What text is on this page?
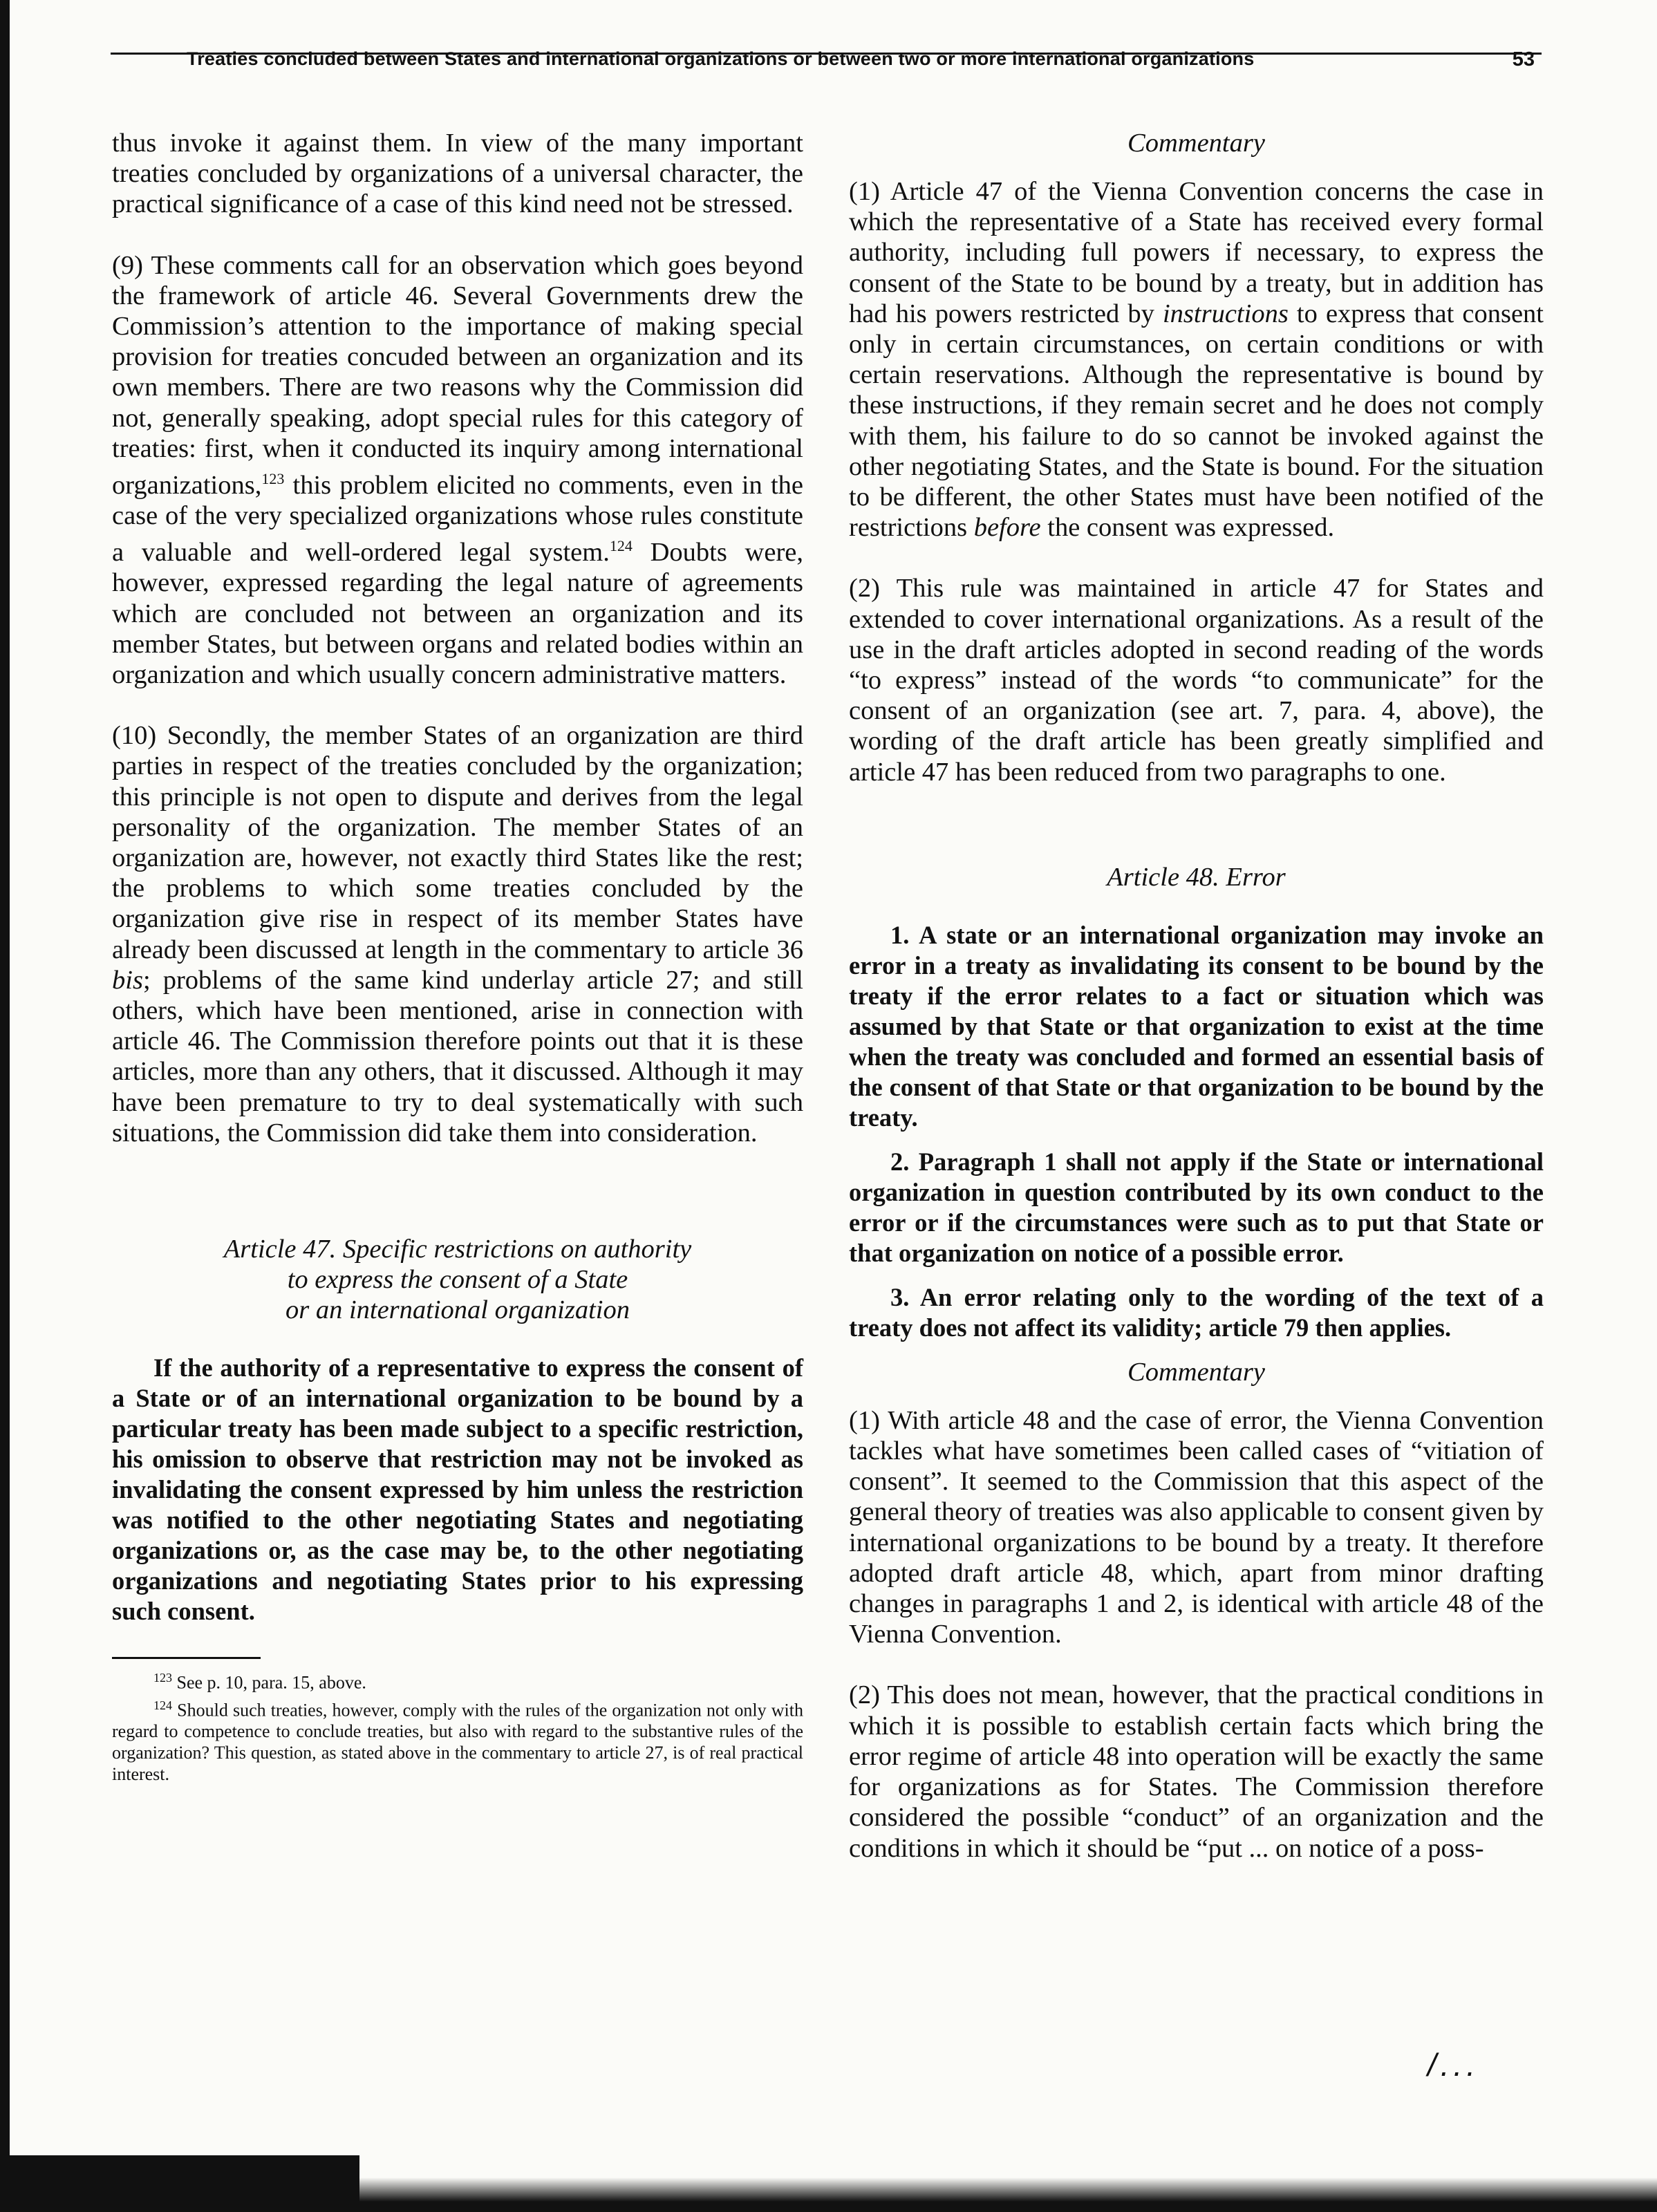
Treaties concluded between States and international organizations or between two or more international organizations	53

thus invoke it against them. In view of the many important treaties concluded by organizations of a universal character, the practical significance of a case of this kind need not be stressed.

(9) These comments call for an observation which goes beyond the framework of article 46. Several Governments drew the Commission’s attention to the importance of making special provision for treaties concuded between an organization and its own members. There are two reasons why the Commission did not, generally speaking, adopt special rules for this category of treaties: first, when it conducted its inquiry among international organizations,$^{123}$ this problem elicited no comments, even in the case of the very specialized organizations whose rules constitute a valuable and well-ordered legal system.$^{124}$ Doubts were, however, expressed regarding the legal nature of agreements which are concluded not between an organization and its member States, but between organs and related bodies within an organization and which usually concern administrative matters.

(10) Secondly, the member States of an organization are third parties in respect of the treaties concluded by the organization; this principle is not open to dispute and derives from the legal personality of the organization. The member States of an organization are, however, not exactly third States like the rest; the problems to which some treaties concluded by the organization give rise in respect of its member States have already been discussed at length in the commentary to article 36 bis; problems of the same kind underlay article 27; and still others, which have been mentioned, arise in connection with article 46. The Commission therefore points out that it is these articles, more than any others, that it discussed. Although it may have been premature to try to deal systematically with such situations, the Commission did take them into consideration.

Article 47. Specific restrictions on authority
to express the consent of a State
or an international organization

If the authority of a representative to express the consent of a State or of an international organization to be bound by a particular treaty has been made subject to a specific restriction, his omission to observe that restriction may not be invoked as invalidating the consent expressed by him unless the restriction was notified to the other negotiating States and negotiating organizations or, as the case may be, to the other negotiating organizations and negotiating States prior to his expressing such consent.

$^{123}$ See p. 10, para. 15, above.
$^{124}$ Should such treaties, however, comply with the rules of the organization not only with regard to competence to conclude treaties, but also with regard to the substantive rules of the organization? This question, as stated above in the commentary to article 27, is of real practical interest.
Commentary

(1) Article 47 of the Vienna Convention concerns the case in which the representative of a State has received every formal authority, including full powers if necessary, to express the consent of the State to be bound by a treaty, but in addition has had his powers restricted by instructions to express that consent only in certain circumstances, on certain conditions or with certain reservations. Although the representative is bound by these instructions, if they remain secret and he does not comply with them, his failure to do so cannot be invoked against the other negotiating States, and the State is bound. For the situation to be different, the other States must have been notified of the restrictions before the consent was expressed.

(2) This rule was maintained in article 47 for States and extended to cover international organizations. As a result of the use in the draft articles adopted in second reading of the words “to express” instead of the words “to communicate” for the consent of an organization (see art. 7, para. 4, above), the wording of the draft article has been greatly simplified and article 47 has been reduced from two paragraphs to one.

Article 48. Error

1. A state or an international organization may invoke an error in a treaty as invalidating its consent to be bound by the treaty if the error relates to a fact or situation which was assumed by that State or that organization to exist at the time when the treaty was concluded and formed an essential basis of the consent of that State or that organization to be bound by the treaty.

2. Paragraph 1 shall not apply if the State or international organization in question contributed by its own conduct to the error or if the circumstances were such as to put that State or that organization on notice of a possible error.

3. An error relating only to the wording of the text of a treaty does not affect its validity; article 79 then applies.

Commentary

(1) With article 48 and the case of error, the Vienna Convention tackles what have sometimes been called cases of “vitiation of consent”. It seemed to the Commission that this aspect of the general theory of treaties was also applicable to consent given by international organizations to be bound by a treaty. It therefore adopted draft article 48, which, apart from minor drafting changes in paragraphs 1 and 2, is identical with article 48 of the Vienna Convention.

(2) This does not mean, however, that the practical conditions in which it is possible to establish certain facts which bring the error regime of article 48 into operation will be exactly the same for organizations as for States. The Commission therefore considered the possible “conduct” of an organization and the conditions in which it should be “put ... on notice of a poss-

/...
